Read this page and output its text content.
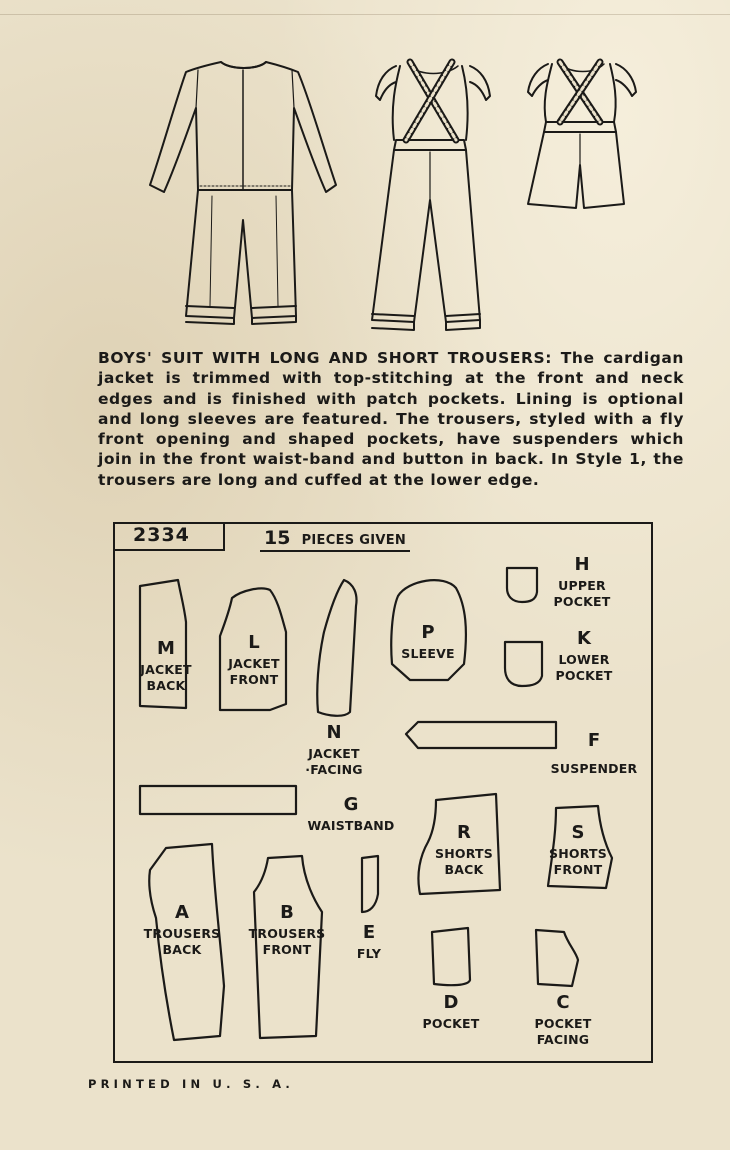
BOYS' SUIT WITH LONG AND SHORT TROUSERS: The cardigan jacket is trimmed with top-stitching at the front and neck edges and is finished with patch pockets. Lining is optional and long sleeves are featured. The trousers, styled with a fly front opening and shaped pockets, have suspenders which join in the front waist-band and button in back. In Style 1, the trousers are long and cuffed at the lower edge.

2334	15 PIECES GIVEN
M
JACKET
BACK
L
JACKET
FRONT
N
JACKET
·FACING
P
SLEEVE
H
UPPER
POCKET
K
LOWER
POCKET
F
SUSPENDER
G
WAISTBAND	R
SHORTS
BACK
S
SHORTS
FRONT
A
TROUSERS
BACK
B
TROUSERS
FRONT
E
FLY
D
POCKET
C
POCKET
FACING
PRINTED IN U. S. A.
